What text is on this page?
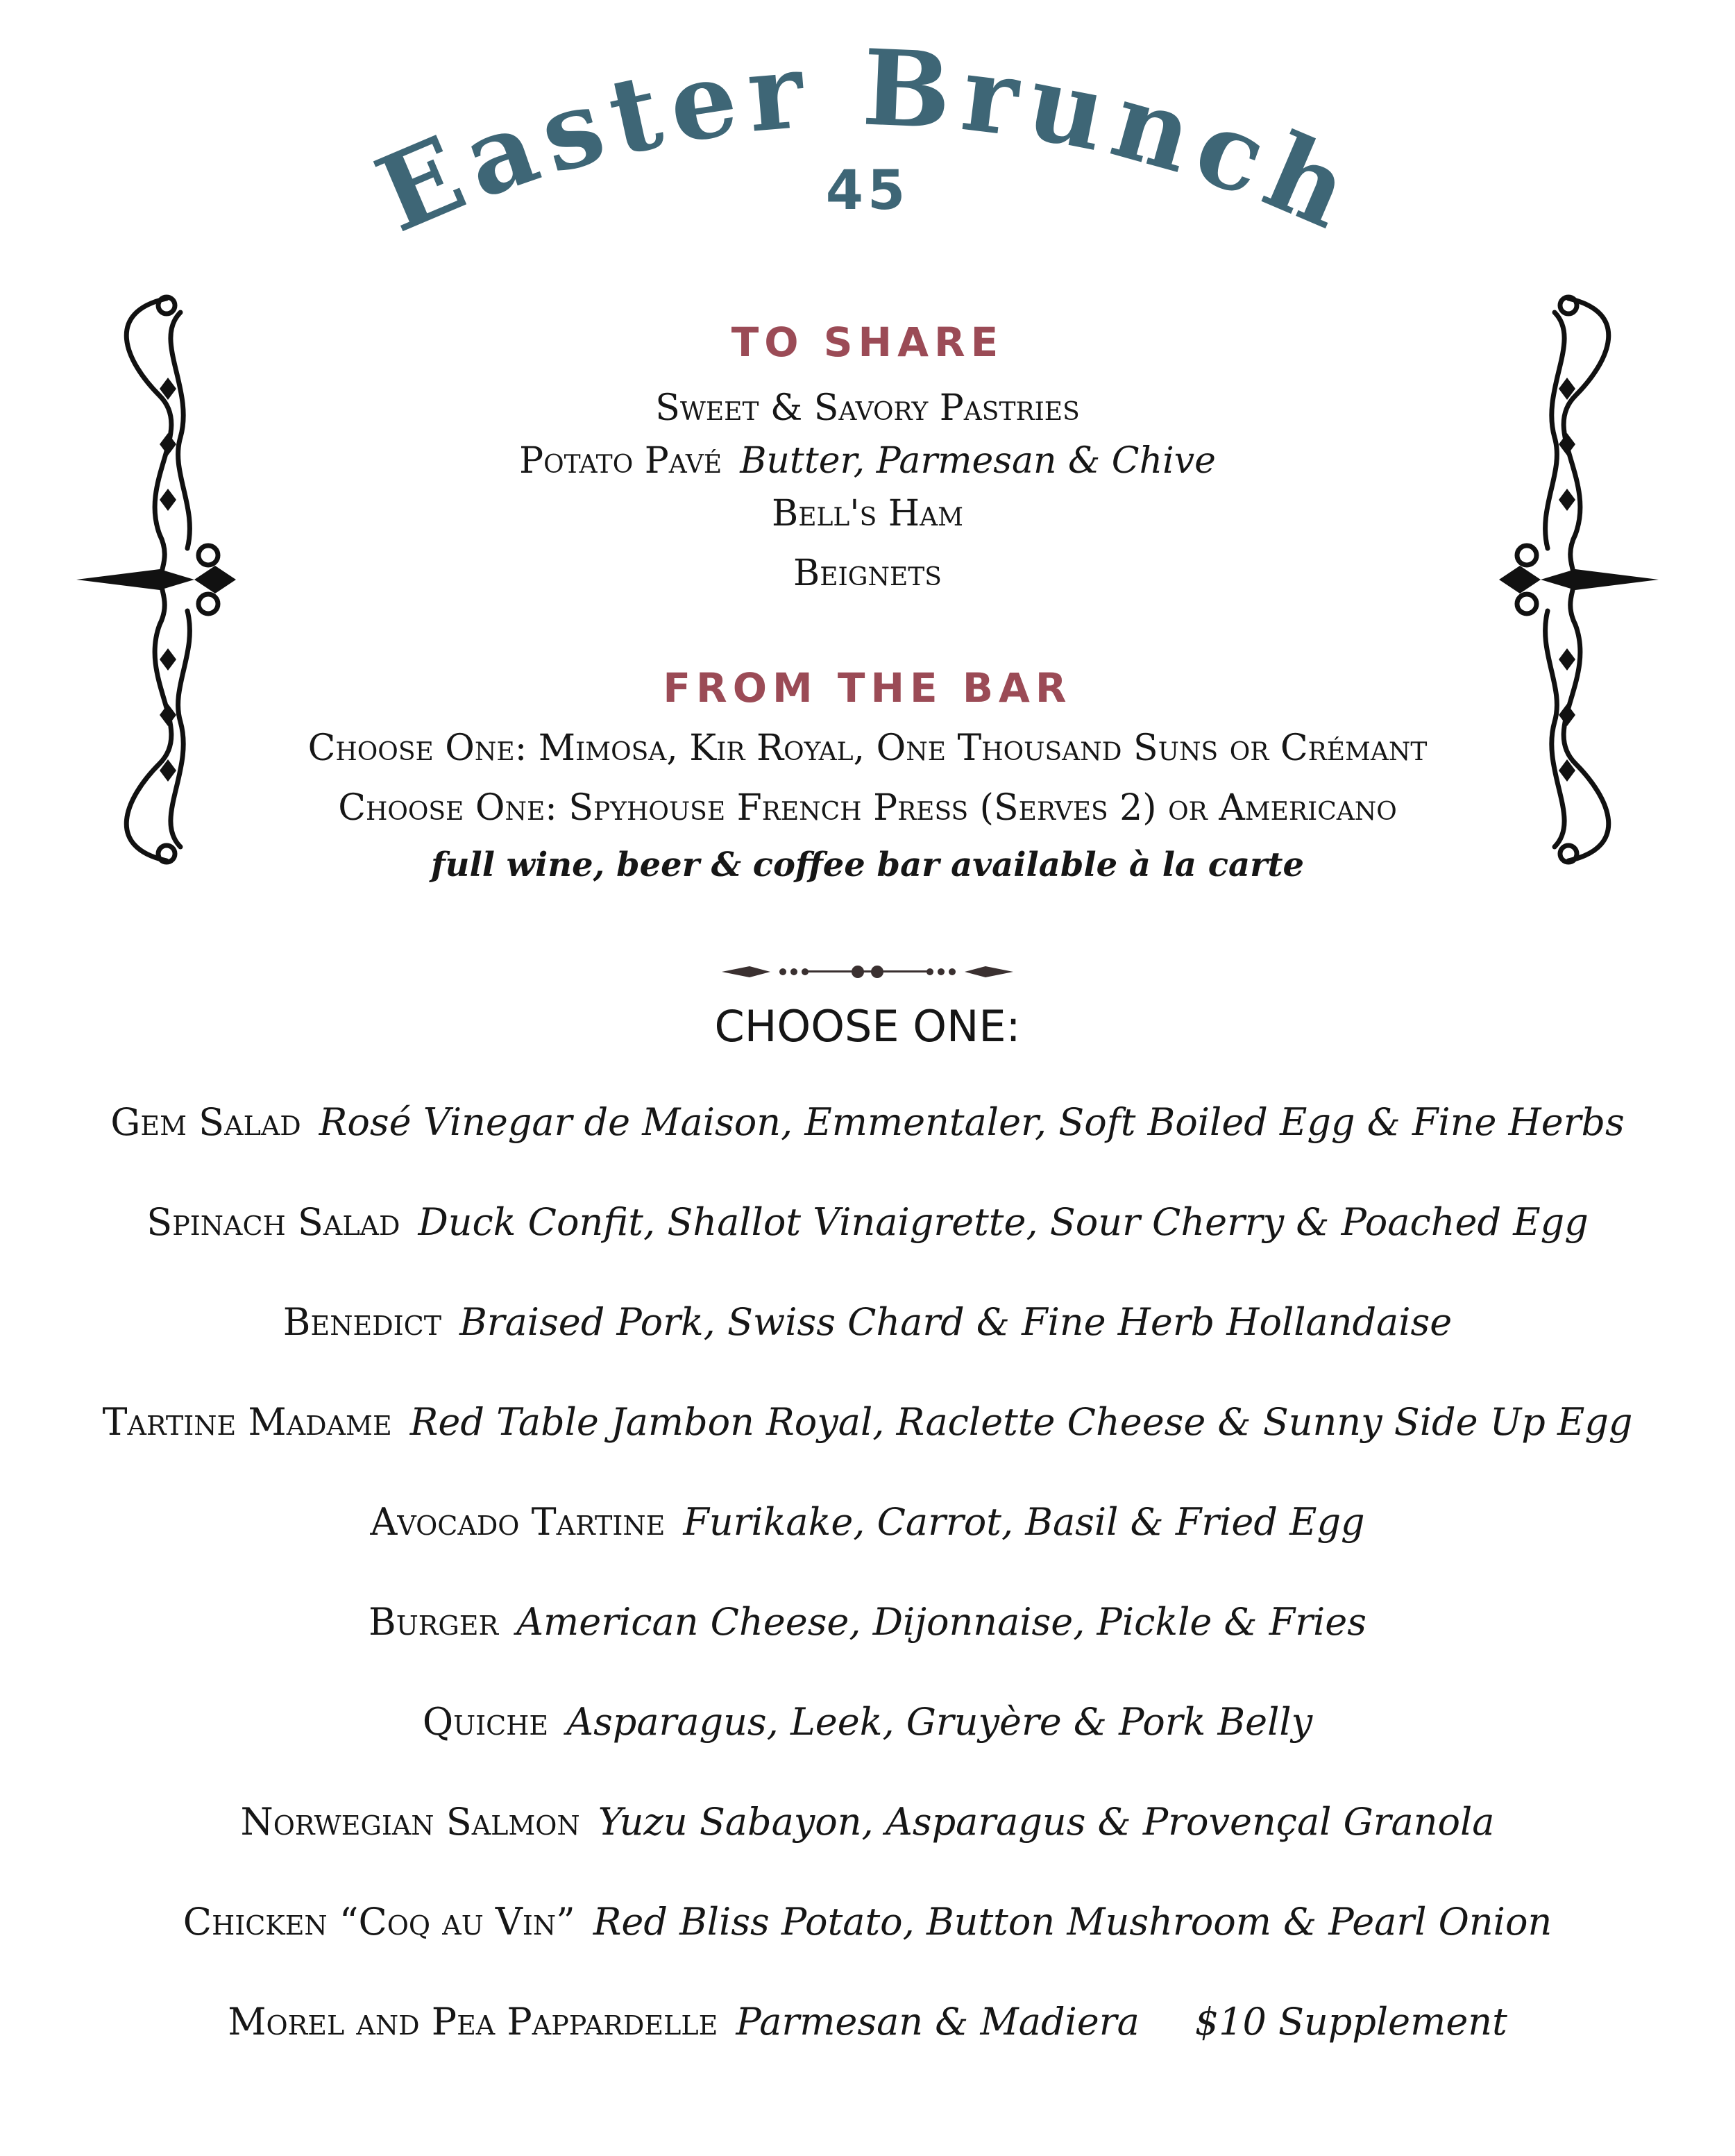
Easter Brunch
45
TO SHARE
Sweet & Savory Pastries
Potato Pavé Butter, Parmesan & Chive
Bell's Ham
Beignets
FROM THE BAR
Choose One: Mimosa, Kir Royal, One Thousand Suns or Crémant
Choose One: Spyhouse French Press (Serves 2) or Americano
full wine, beer & coffee bar available à la carte
CHOOSE ONE:
Gem Salad Rosé Vinegar de Maison, Emmentaler, Soft Boiled Egg & Fine Herbs
Spinach Salad Duck Confit, Shallot Vinaigrette, Sour Cherry & Poached Egg
Benedict Braised Pork, Swiss Chard & Fine Herb Hollandaise
Tartine Madame Red Table Jambon Royal, Raclette Cheese & Sunny Side Up Egg
Avocado Tartine Furikake, Carrot, Basil & Fried Egg
Burger American Cheese, Dijonnaise, Pickle & Fries
Quiche Asparagus, Leek, Gruyère & Pork Belly
Norwegian Salmon Yuzu Sabayon, Asparagus & Provençal Granola
Chicken “Coq au Vin” Red Bliss Potato, Button Mushroom & Pearl Onion
Morel and Pea Pappardelle Parmesan & Madiera $10 Supplement
